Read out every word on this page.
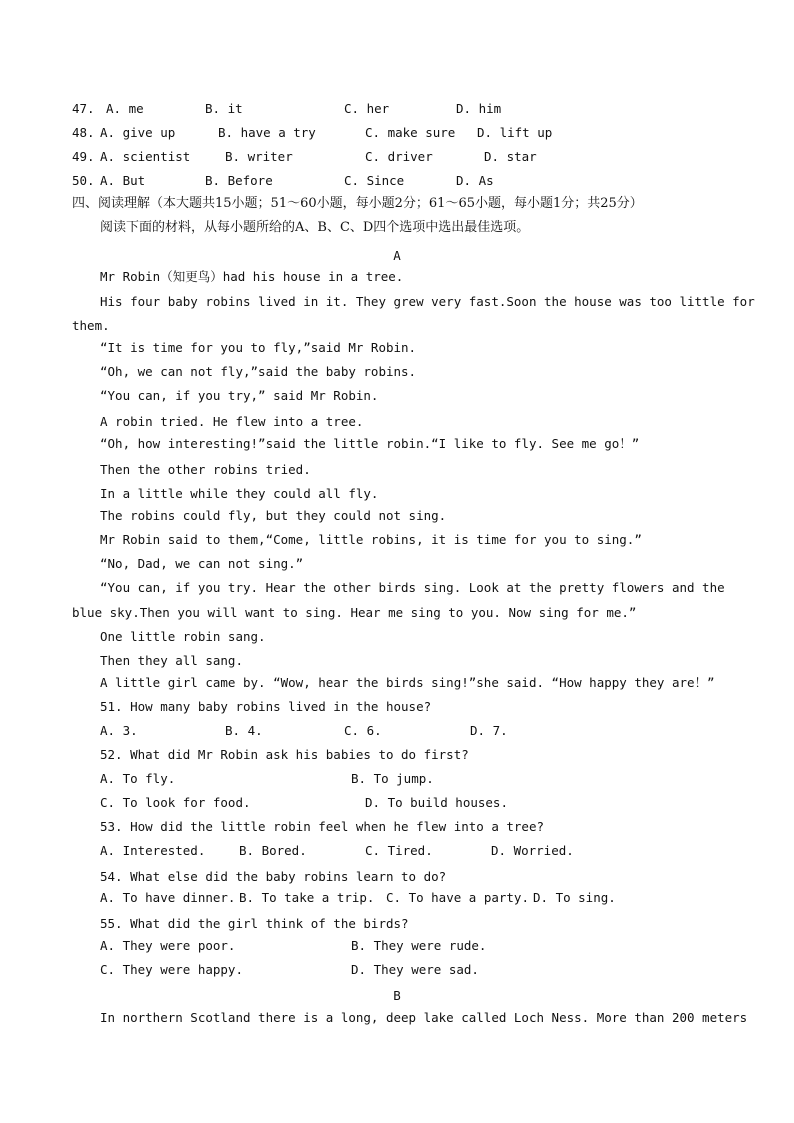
47. A. me	B. it	C. her	D. him
48. A. give up	B. have a try	C. make sure D. lift up
49. A. scientist	B. writer	C. driver	D. star
50. A. But	B. Before	C. Since	D. As
四、阅读理解（本大题共15小题；51～60小题，每小题2分；61～65小题，每小题1分；共25分）
阅读下面的材料，从每小题所给的A、B、C、D四个选项中选出最佳选项。
A
Mr Robin（知更鸟）had his house in a tree.
His four baby robins lived in it. They grew very fast.Soon the house was too little for
them.
“It is time for you to fly,”said Mr Robin.
“Oh, we can not fly,”said the baby robins.
“You can, if you try,” said Mr Robin.
A robin tried. He flew into a tree.
“Oh, how interesting!”said the little robin.“I like to fly. See me go！”
Then the other robins tried.
In a little while they could all fly.
The robins could fly, but they could not sing.
Mr Robin said to them,“Come, little robins, it is time for you to sing.”
“No, Dad, we can not sing.”
“You can, if you try. Hear the other birds sing. Look at the pretty flowers and the
blue sky.Then you will want to sing. Hear me sing to you. Now sing for me.”
One little robin sang.
Then they all sang.
A little girl came by. “Wow, hear the birds sing!”she said. “How happy they are！”
51. How many baby robins lived in the house?
A. 3.	B. 4.	C. 6.	D. 7.
52. What did Mr Robin ask his babies to do first?
A. To fly.	B. To jump.
C. To look for food.	D. To build houses.
53. How did the little robin feel when he flew into a tree?
A. Interested.	B. Bored.	C. Tired.	D. Worried.
54. What else did the baby robins learn to do?
A. To have dinner. B. To take a trip. C. To have a party. D. To sing.
55. What did the girl think of the birds?
A. They were poor.	B. They were rude.
C. They were happy.	D. They were sad.
B
In northern Scotland there is a long, deep lake called Loch Ness. More than 200 meters
